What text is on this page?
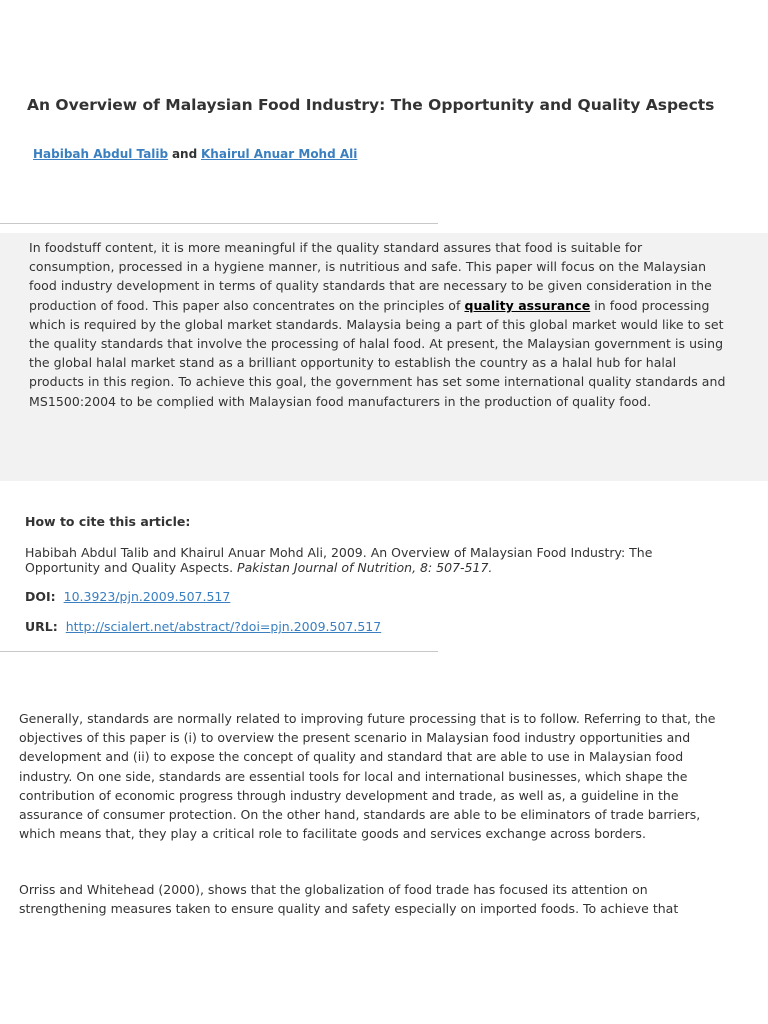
An Overview of Malaysian Food Industry: The Opportunity and Quality Aspects
Habibah Abdul Talib and Khairul Anuar Mohd Ali

In foodstuff content, it is more meaningful if the quality standard assures that food is suitable for consumption, processed in a hygiene manner, is nutritious and safe. This paper will focus on the Malaysian food industry development in terms of quality standards that are necessary to be given consideration in the production of food. This paper also concentrates on the principles of quality assurance in food processing which is required by the global market standards. Malaysia being a part of this global market would like to set the quality standards that involve the processing of halal food. At present, the Malaysian government is using the global halal market stand as a brilliant opportunity to establish the country as a halal hub for halal products in this region. To achieve this goal, the government has set some international quality standards and MS1500:2004 to be complied with Malaysian food manufacturers in the production of quality food.

How to cite this article:

Habibah Abdul Talib and Khairul Anuar Mohd Ali, 2009. An Overview of Malaysian Food Industry: The Opportunity and Quality Aspects. Pakistan Journal of Nutrition, 8: 507-517.

DOI: 10.3923/pjn.2009.507.517
URL: http://scialert.net/abstract/?doi=pjn.2009.507.517

Generally, standards are normally related to improving future processing that is to follow. Referring to that, the objectives of this paper is (i) to overview the present scenario in Malaysian food industry opportunities and development and (ii) to expose the concept of quality and standard that are able to use in Malaysian food industry. On one side, standards are essential tools for local and international businesses, which shape the contribution of economic progress through industry development and trade, as well as, a guideline in the assurance of consumer protection. On the other hand, standards are able to be eliminators of trade barriers, which means that, they play a critical role to facilitate goods and services exchange across borders.

Orriss and Whitehead (2000), shows that the globalization of food trade has focused its attention on strengthening measures taken to ensure quality and safety especially on imported foods. To achieve that
